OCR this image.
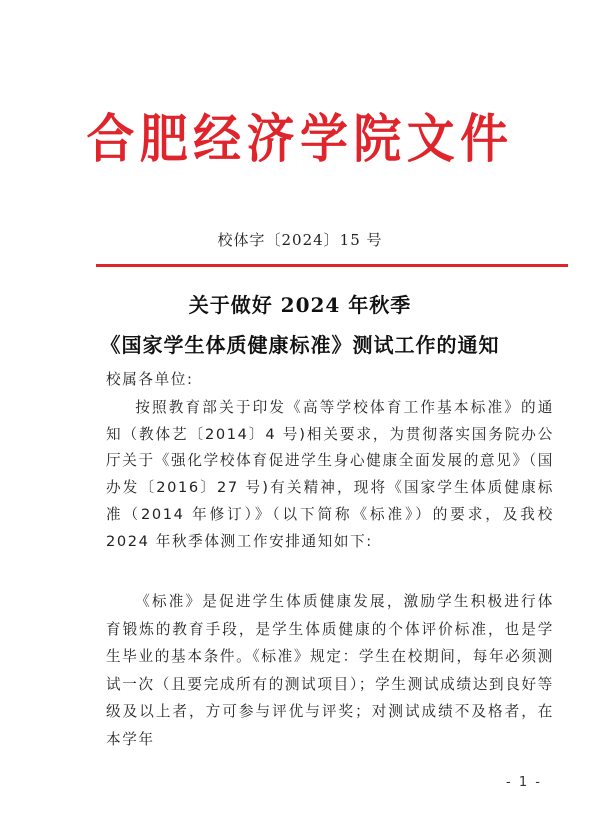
合肥经济学院文件
校体字〔2024〕15 号
关于做好 2024 年秋季
《国家学生体质健康标准》测试工作的通知
校属各单位:
按照教育部关于印发《高等学校体育工作基本标准》的通知（教体艺〔2014〕4 号)相关要求，为贯彻落实国务院办公厅关于《强化学校体育促进学生身心健康全面发展的意见》（国办发〔2016〕27 号)有关精神，现将《国家学生体质健康标准（2014 年修订）》（以下简称《标准》）的要求，及我校 2024 年秋季体测工作安排通知如下:
《标准》是促进学生体质健康发展，激励学生积极进行体育锻炼的教育手段，是学生体质健康的个体评价标准，也是学生毕业的基本条件。《标准》规定：学生在校期间，每年必须测试一次（且要完成所有的测试项目）；学生测试成绩达到良好等级及以上者，方可参与评优与评奖；对测试成绩不及格者，在本学年
- 1 -
